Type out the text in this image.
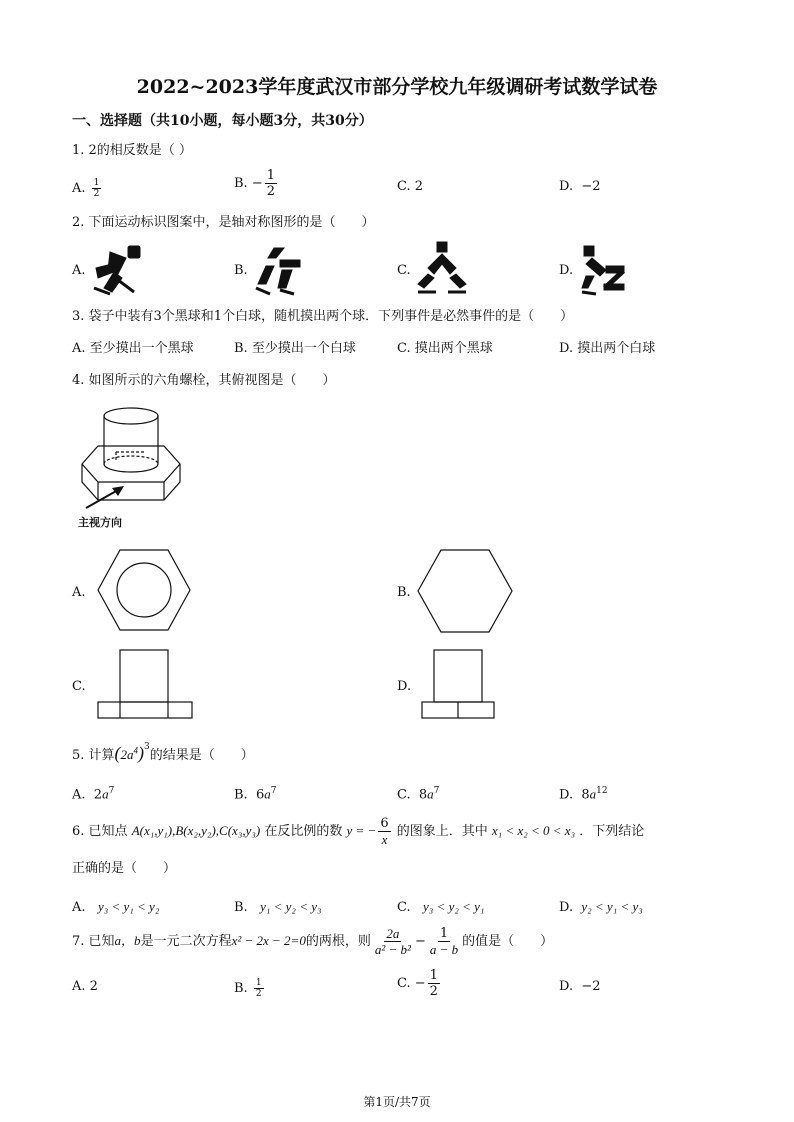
2022~2023学年度武汉市部分学校九年级调研考试数学试卷
一、选择题（共10小题，每小题3分，共30分）
1. 2的相反数是（ ）
A. $\frac{1}{2}$	B. − $\frac{1}{2}$	C. 2	D. −2
2. 下面运动标识图案中，是轴对称图形的是（　　）
A.	B.	C.	D.
3. 袋子中装有3个黑球和1个白球，随机摸出两个球．下列事件是必然事件的是（　　）
A. 至少摸出一个黑球	B. 至少摸出一个白球	C. 摸出两个黑球	D. 摸出两个白球
4. 如图所示的六角螺栓，其俯视图是（　　）
主视方向
A.	B.
C.	D.
5. 计算$(2a^4)^3$的结果是（　　）
A. $2a^7$	B. $6a^7$	C. $8a^7$	D. $8a^{12}$
6. 已知点 A(x₁,y₁),B(x₂,y₂),C(x₃,y₃) 在反比例的数 y = − $\frac{6}{x}$ 的图象上．其中 x₁ < x₂ < 0 < x₃ ．下列结论
正确的是（　　）
A. y₃ < y₁ < y₂	B. y₁ < y₂ < y₃	C. y₃ < y₂ < y₁	D. y₂ < y₁ < y₃
7. 已知a，b是一元二次方程x² − 2x − 2=0的两根，则 $\frac{2a}{\text{a² − b²}} - \frac{1}{a - b}$ 的值是（　　）
A. 2	B. $\frac{1}{2}$	C. − $\frac{1}{2}$	D. −2
第1页/共7页
